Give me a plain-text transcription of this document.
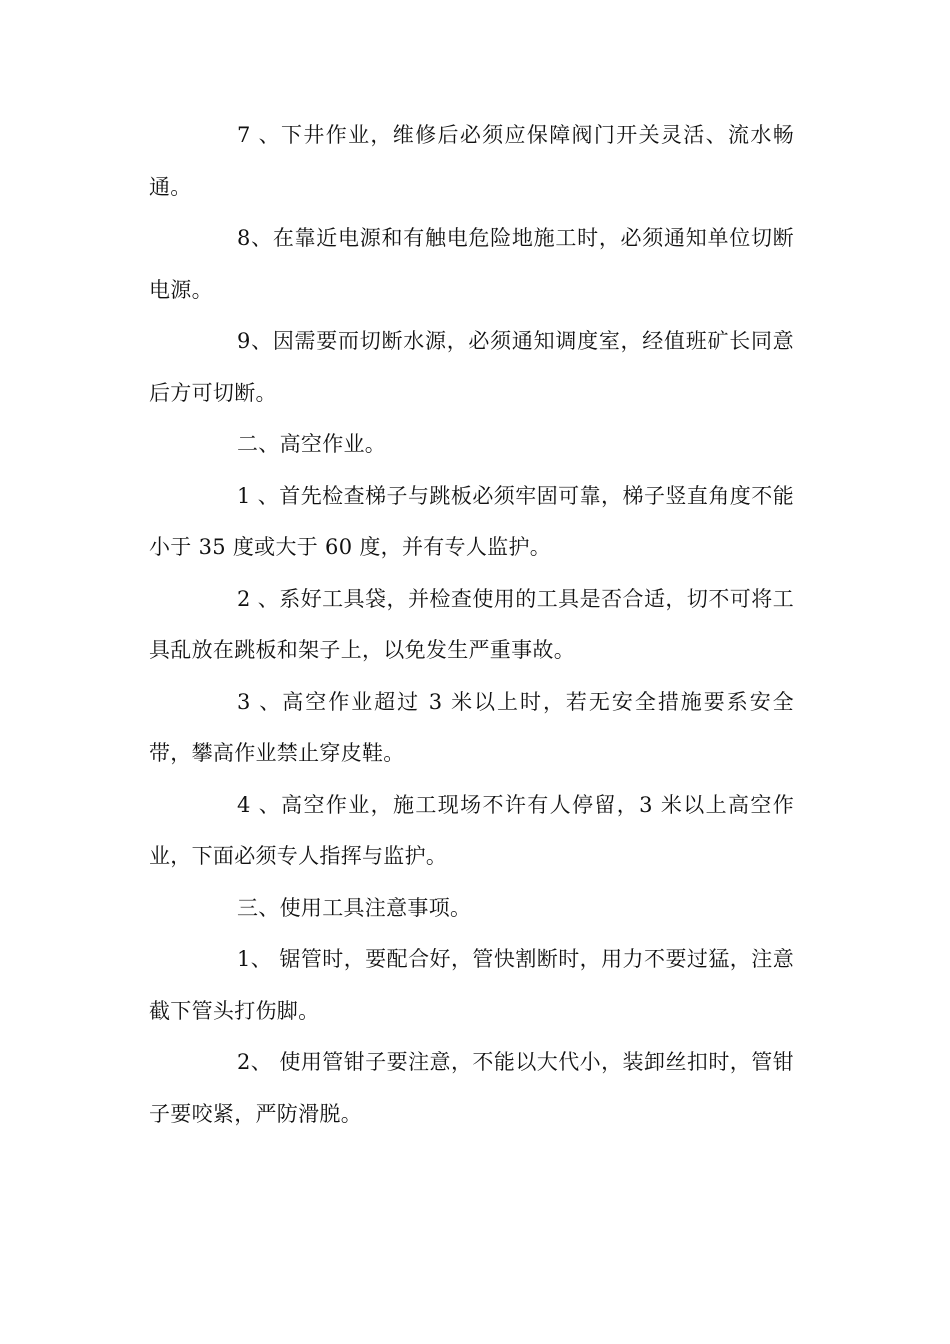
7 、下井作业，维修后必须应保障阀门开关灵活、流水畅通。

8、在靠近电源和有触电危险地施工时，必须通知单位切断电源。

9、因需要而切断水源，必须通知调度室，经值班矿长同意后方可切断。

二、高空作业。

1 、首先检查梯子与跳板必须牢固可靠，梯子竖直角度不能小于 35 度或大于 60 度，并有专人监护。

2 、系好工具袋，并检查使用的工具是否合适，切不可将工具乱放在跳板和架子上，以免发生严重事故。

3 、高空作业超过 3 米以上时，若无安全措施要系安全带，攀高作业禁止穿皮鞋。

4 、高空作业，施工现场不许有人停留，3 米以上高空作业，下面必须专人指挥与监护。

三、使用工具注意事项。

1、 锯管时，要配合好，管快割断时，用力不要过猛，注意截下管头打伤脚。

2、 使用管钳子要注意，不能以大代小，装卸丝扣时，管钳子要咬紧，严防滑脱。
